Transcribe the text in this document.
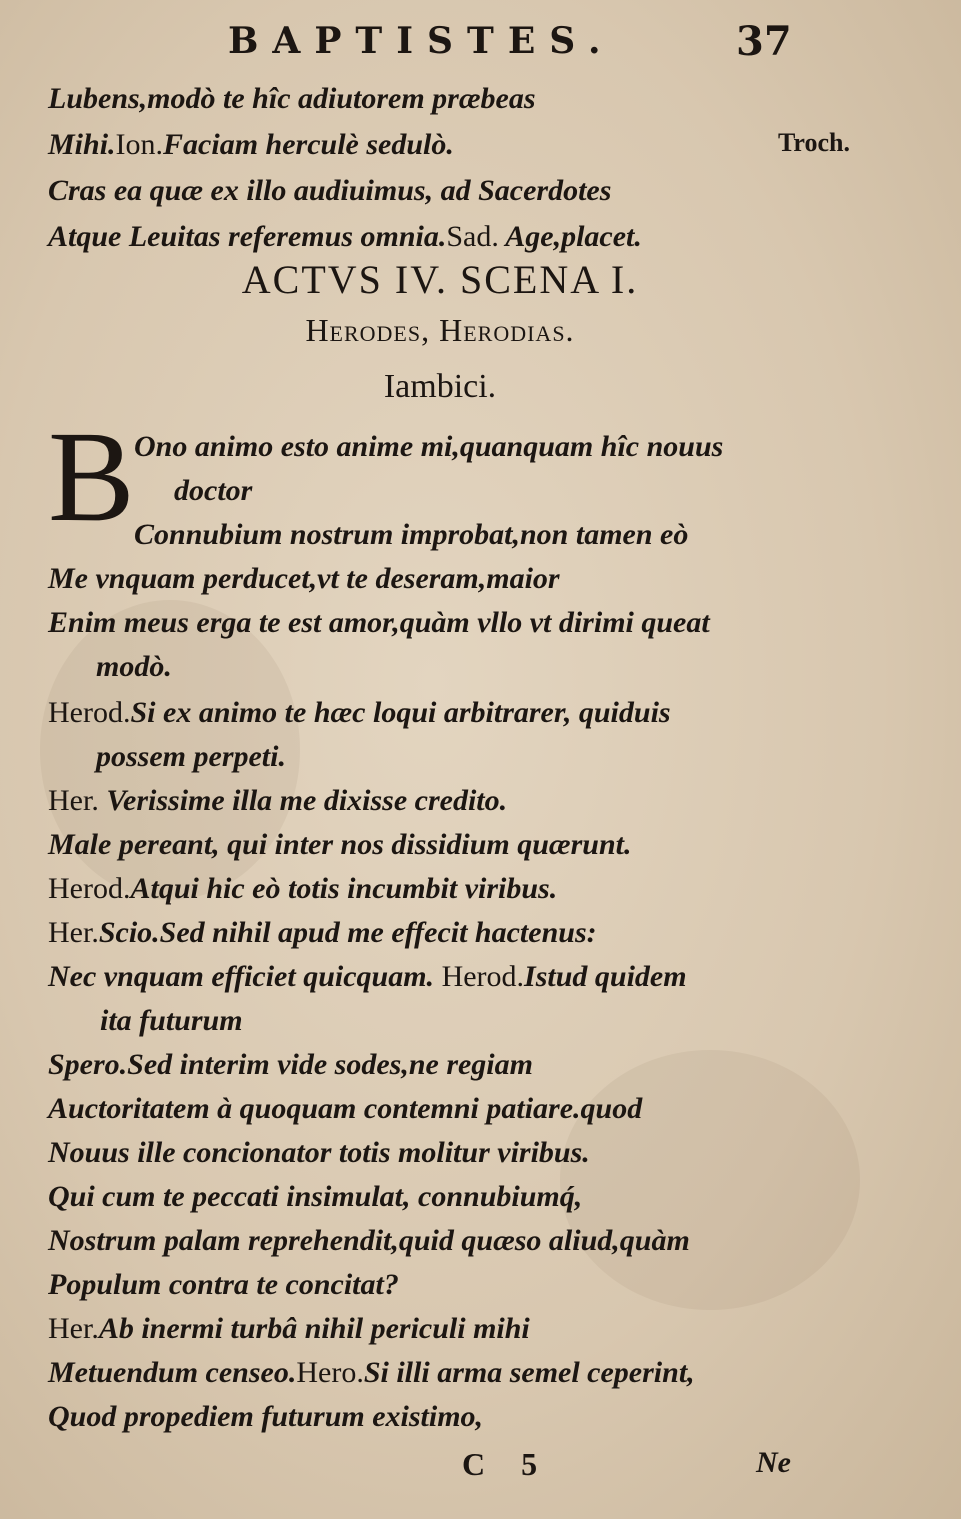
BAPTISTES.	37
Troch.
Lubens,modò te hîc adiutorem præbeas
Mihi.Ion.Faciam herculè sedulò.
Cras ea quæ ex illo audiuimus, ad Sacerdotes
Atque Leuitas referemus omnia.Sad. Age,placet.
ACTVS IV. SCENA I.
Herodes, Herodias.
Iambici.
B Ono animo esto anime mi,quanquam hîc nouus
doctor
Connubium nostrum improbat,non tamen eò
Me vnquam perducet,vt te deseram,maior
Enim meus erga te est amor,quàm vllo vt dirimi queat
modò.
Herod.Si ex animo te hæc loqui arbitrarer, quiduis
possem perpeti.
Her. Verissime illa me dixisse credito.
Male pereant, qui inter nos dissidium quærunt.
Herod.Atqui hic eò totis incumbit viribus.
Her.Scio.Sed nihil apud me effecit hactenus:
Nec vnquam efficiet quicquam. Herod.Istud quidem
ita futurum
Spero.Sed interim vide sodes,ne regiam
Auctoritatem à quoquam contemni patiare.quod
Nouus ille concionator totis molitur viribus.
Qui cum te peccati insimulat, connubiumq́,
Nostrum palam reprehendit,quid quæso aliud,quàm
Populum contra te concitat?
Her.Ab inermi turbâ nihil periculi mihi
Metuendum censeo.Hero.Si illi arma semel ceperint,
Quod propediem futurum existimo,
C 5	Ne
